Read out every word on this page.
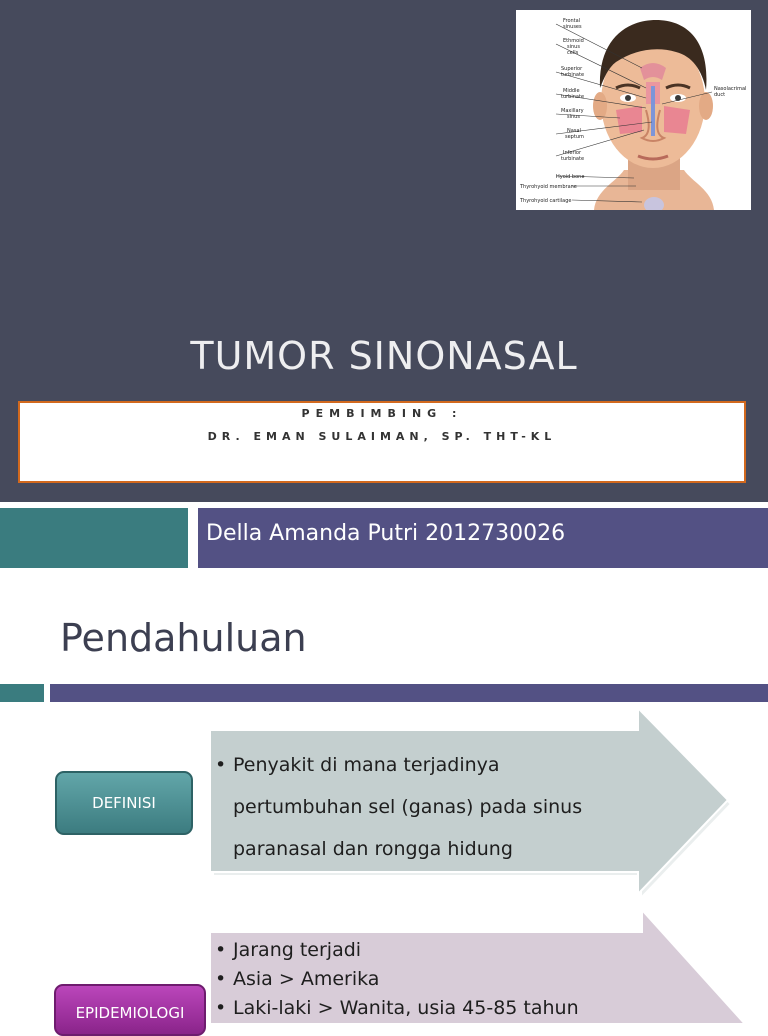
Frontal
sinuses
Ethmoid
sinus
cells
Superior
turbinate
Middle
turbinate
Maxillary
sinus
Nasal
septum
Inferior
turbinate
Hyoid bone
Thyrohyoid membrane
Thyrohyoid cartilage
Nasolacrimal
duct
TUMOR SINONASAL
PEMBIMBING :
DR. EMAN SULAIMAN, SP. THT-KL
Della Amanda Putri 2012730026
Pendahuluan
DEFINISI
EPIDEMIOLOGI
• Penyakit di mana terjadinya
pertumbuhan sel (ganas) pada sinus
paranasal dan rongga hidung
• Jarang terjadi
• Asia > Amerika
• Laki-laki > Wanita, usia 45-85 tahun
